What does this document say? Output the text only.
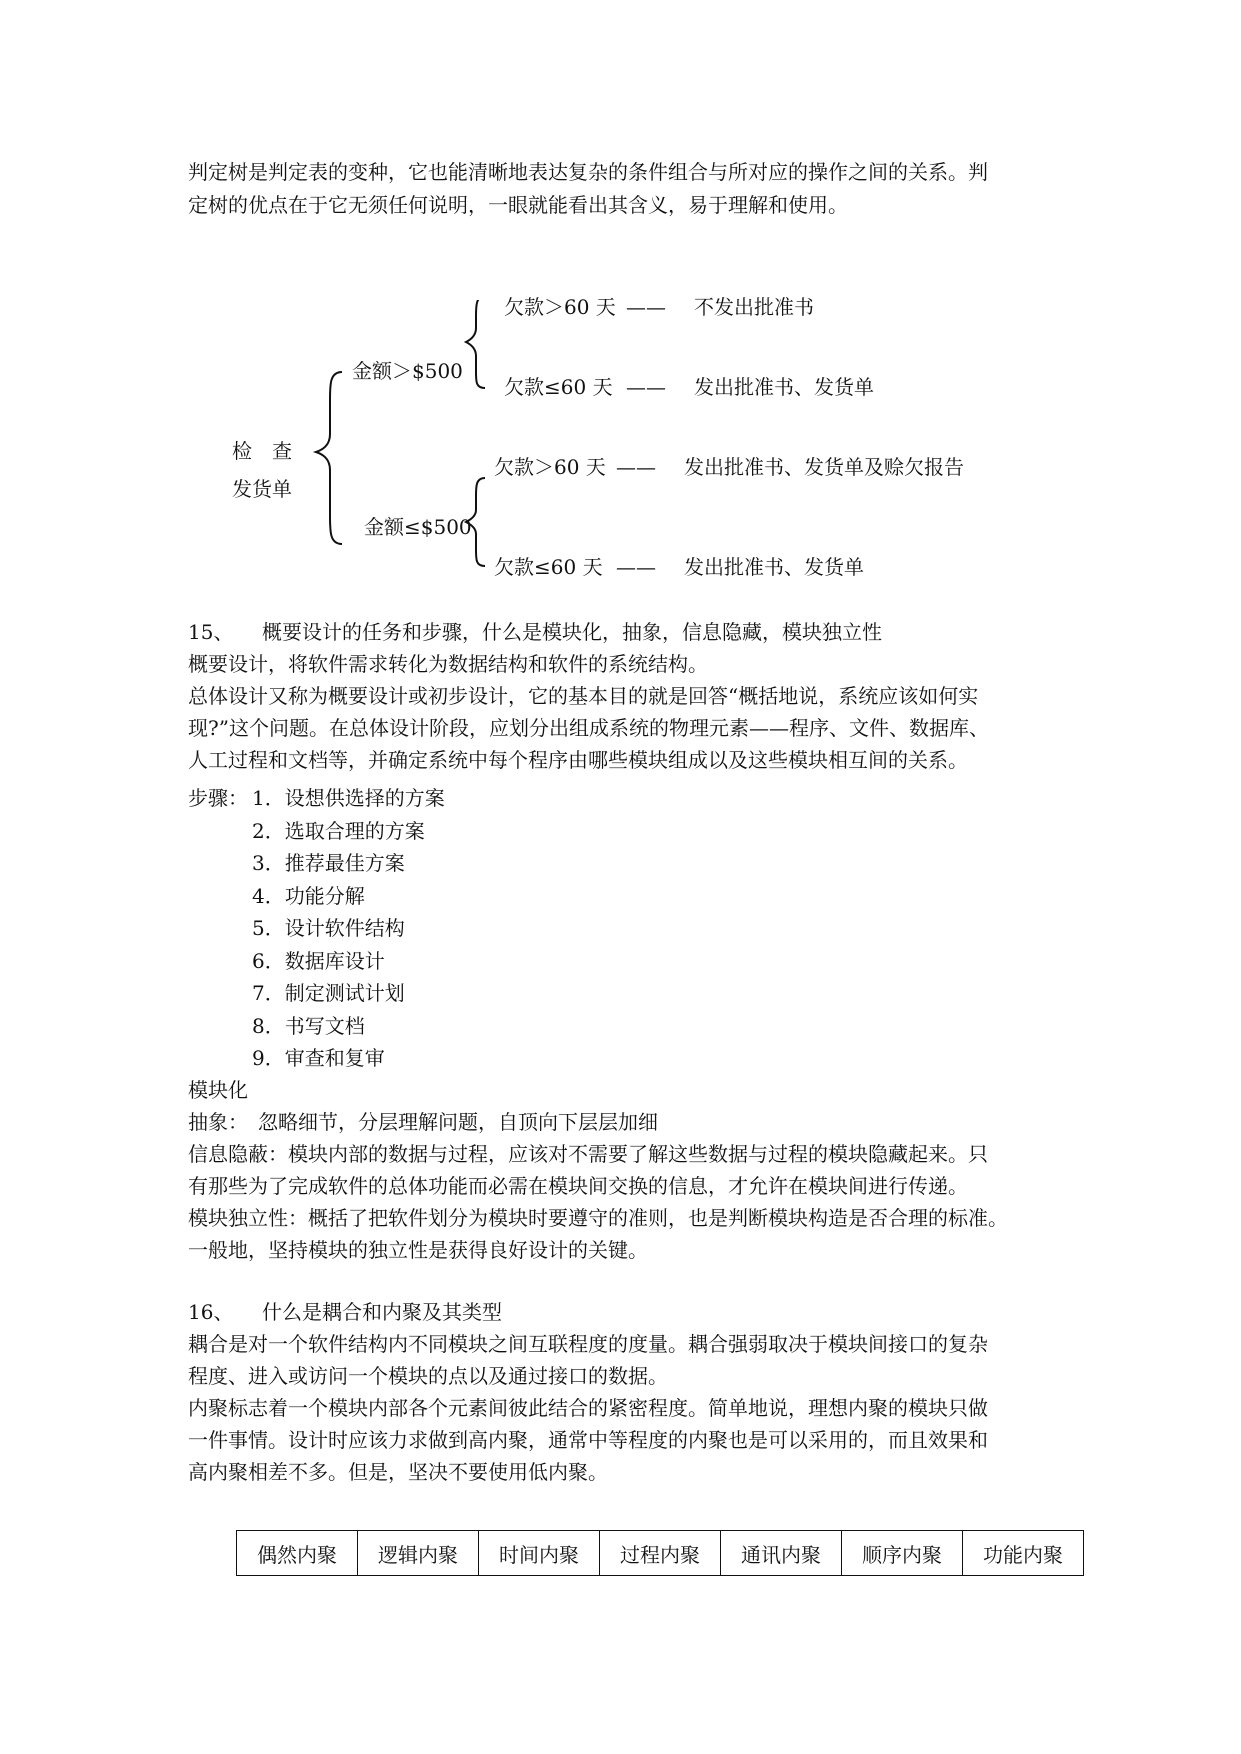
判定树是判定表的变种，它也能清晰地表达复杂的条件组合与所对应的操作之间的关系。判

定树的优点在于它无须任何说明，一眼就能看出其含义，易于理解和使用。

检　查
发货单
金额＞$500
金额≤$500
欠款＞60 天 —— 不发出批准书
欠款≤60 天 —— 发出批准书、发货单
欠款＞60 天 —— 发出批准书、发货单及赊欠报告
欠款≤60 天 —— 发出批准书、发货单
15、 概要设计的任务和步骤，什么是模块化，抽象，信息隐藏，模块独立性

概要设计，将软件需求转化为数据结构和软件的系统结构。

总体设计又称为概要设计或初步设计，它的基本目的就是回答“概括地说，系统应该如何实

现?”这个问题。在总体设计阶段，应划分出组成系统的物理元素——程序、文件、数据库、

人工过程和文档等，并确定系统中每个程序由哪些模块组成以及这些模块相互间的关系。

步骤： 1．设想供选择的方案
2．选取合理的方案
3．推荐最佳方案
4．功能分解
5．设计软件结构
6．数据库设计
7．制定测试计划
8．书写文档
9．审查和复审

模块化

抽象：　忽略细节，分层理解问题，自顶向下层层加细

信息隐蔽：模块内部的数据与过程，应该对不需要了解这些数据与过程的模块隐藏起来。只

有那些为了完成软件的总体功能而必需在模块间交换的信息，才允许在模块间进行传递。

模块独立性：概括了把软件划分为模块时要遵守的准则，也是判断模块构造是否合理的标准。

一般地，坚持模块的独立性是获得良好设计的关键。

16、 什么是耦合和内聚及其类型

耦合是对一个软件结构内不同模块之间互联程度的度量。耦合强弱取决于模块间接口的复杂

程度、进入或访问一个模块的点以及通过接口的数据。

内聚标志着一个模块内部各个元素间彼此结合的紧密程度。简单地说，理想内聚的模块只做

一件事情。设计时应该力求做到高内聚，通常中等程度的内聚也是可以采用的，而且效果和

高内聚相差不多。但是，坚决不要使用低内聚。

偶然内聚	逻辑内聚	时间内聚	过程内聚	通讯内聚	顺序内聚	功能内聚
